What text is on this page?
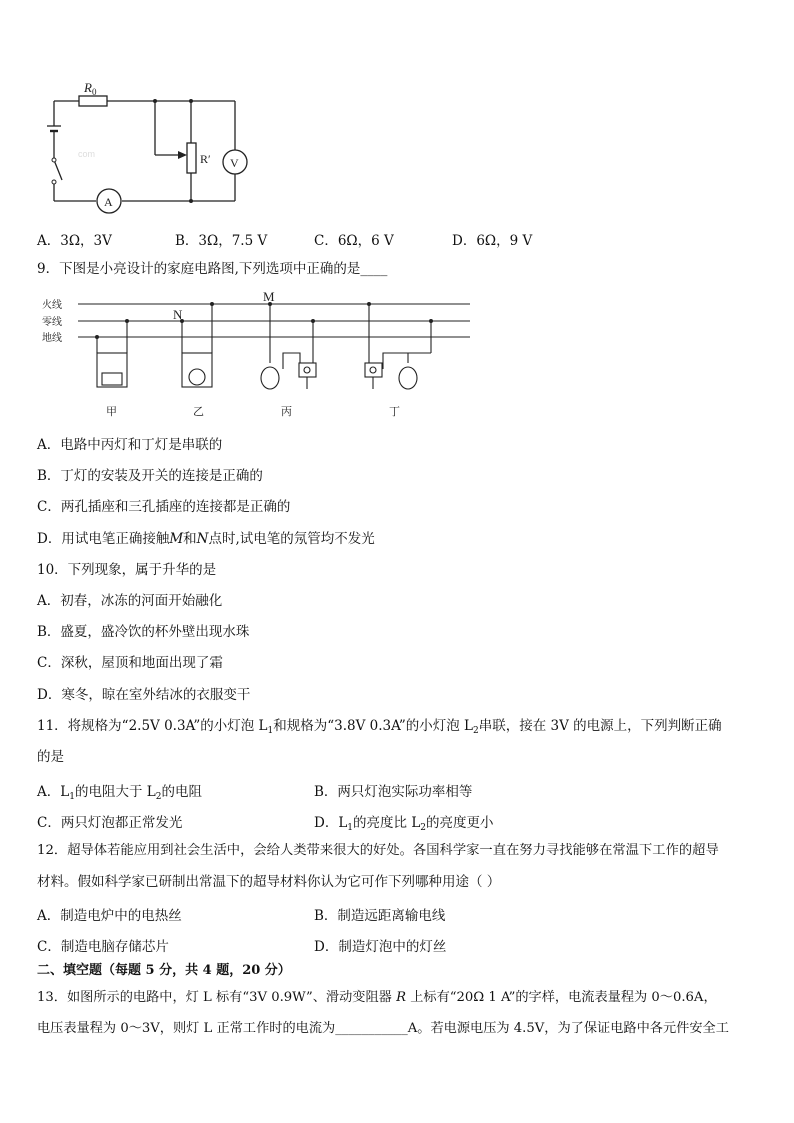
$R_0$
R′ V
A
com
A．3Ω，3V	B．3Ω，7.5 V	C．6Ω，6 V	D．6Ω，9 V
9．下图是小亮设计的家庭电路图,下列选项中正确的是____
火线
零线
地线
M
N
甲	乙	丙	丁
A．电路中丙灯和丁灯是串联的
B．丁灯的安装及开关的连接是正确的
C．两孔插座和三孔插座的连接都是正确的
D．用试电笔正确接触M和N点时,试电笔的氖管均不发光
10．下列现象，属于升华的是
A．初春，冰冻的河面开始融化
B．盛夏，盛冷饮的杯外壁出现水珠
C．深秋，屋顶和地面出现了霜
D．寒冬，晾在室外结冰的衣服变干
11．将规格为“2.5V 0.3A”的小灯泡 $L_1$和规格为“3.8V 0.3A”的小灯泡 $L_2$串联，接在 3V 的电源上，下列判断正确
的是
A．$L_1$的电阻大于 $L_2$的电阻	B．两只灯泡实际功率相等
C．两只灯泡都正常发光	D．$L_1$的亮度比 $L_2$的亮度更小
12．超导体若能应用到社会生活中，会给人类带来很大的好处。各国科学家一直在努力寻找能够在常温下工作的超导
材料。假如科学家已研制出常温下的超导材料你认为它可作下列哪种用途（ ）
A．制造电炉中的电热丝	B．制造远距离输电线
C．制造电脑存储芯片	D．制造灯泡中的灯丝
二、填空题（每题 5 分，共 4 题，20 分）
13．如图所示的电路中，灯 L 标有“3V 0.9W”、滑动变阻器 R 上标有“20Ω 1 A”的字样，电流表量程为 0～0.6A，
电压表量程为 0～3V，则灯 L 正常工作时的电流为___________A。若电源电压为 4.5V，为了保证电路中各元件安全工
